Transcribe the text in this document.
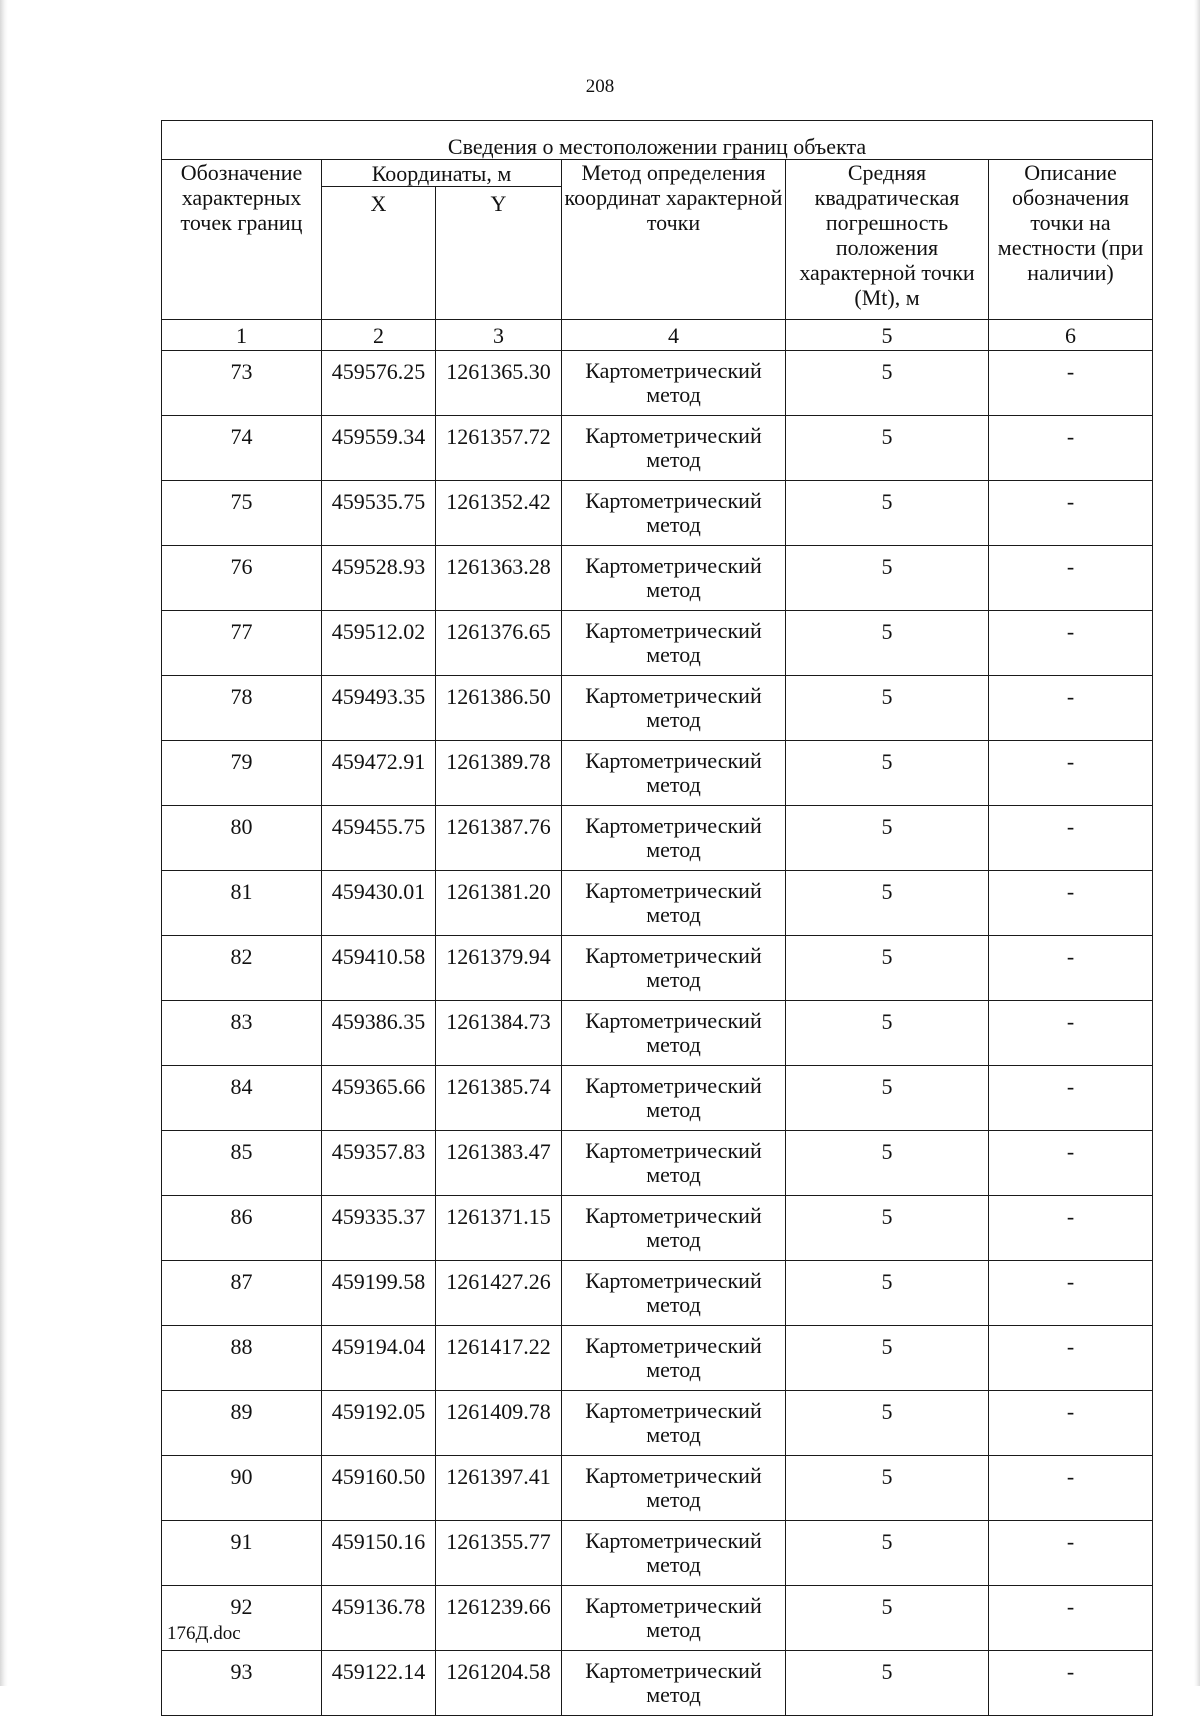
208
Сведения о местоположении границ объекта					
Обозначение характерных точек границ	Координаты, м		Метод определения координат характерной точки	Средняя квадратическая погрешность положения характерной точки (Mt), м	Описание обозначения точки на местности (при наличии)
	X	Y			
1	2	3	4	5	6
73	459576.25	1261365.30	Картометрический метод	5	-
74	459559.34	1261357.72	Картометрический метод	5	-
75	459535.75	1261352.42	Картометрический метод	5	-
76	459528.93	1261363.28	Картометрический метод	5	-
77	459512.02	1261376.65	Картометрический метод	5	-
78	459493.35	1261386.50	Картометрический метод	5	-
79	459472.91	1261389.78	Картометрический метод	5	-
80	459455.75	1261387.76	Картометрический метод	5	-
81	459430.01	1261381.20	Картометрический метод	5	-
82	459410.58	1261379.94	Картометрический метод	5	-
83	459386.35	1261384.73	Картометрический метод	5	-
84	459365.66	1261385.74	Картометрический метод	5	-
85	459357.83	1261383.47	Картометрический метод	5	-
86	459335.37	1261371.15	Картометрический метод	5	-
87	459199.58	1261427.26	Картометрический метод	5	-
88	459194.04	1261417.22	Картометрический метод	5	-
89	459192.05	1261409.78	Картометрический метод	5	-
90	459160.50	1261397.41	Картометрический метод	5	-
91	459150.16	1261355.77	Картометрический метод	5	-
92	459136.78	1261239.66	Картометрический метод	5	-
93	459122.14	1261204.58	Картометрический метод	5	-
176Д.doc
